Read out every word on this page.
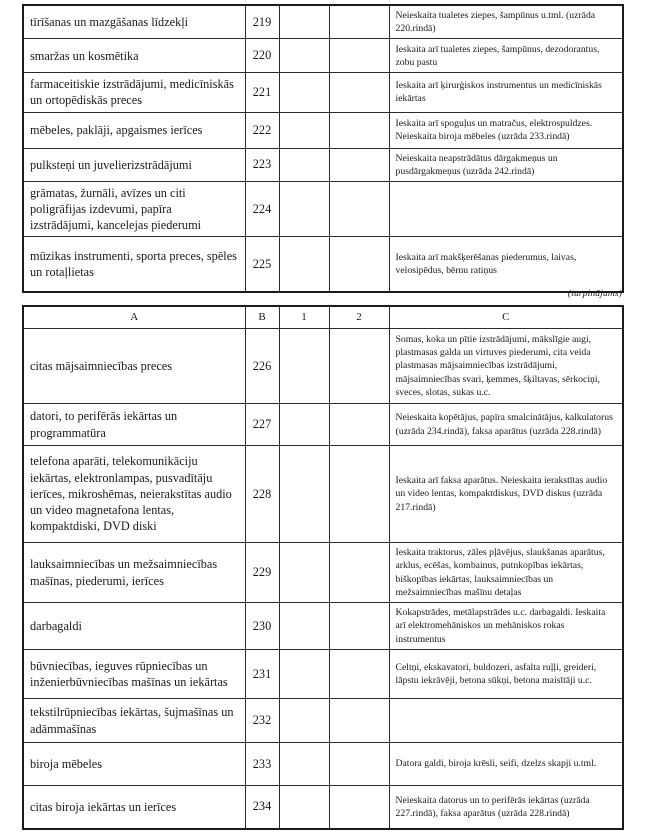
tīrīšanas un mazgāšanas līdzekļi	219			Neieskaita tualetes ziepes, šampūnus u.tml. (uzrāda 220.rindā)
smaržas un kosmētika	220			Ieskaita arī tualetes ziepes, šampūnus, dezodorantus, zobu pastu
farmaceitiskie izstrādājumi, medicīniskās un ortopēdiskās preces	221			Ieskaita arī ķirurģiskos instrumentus un medicīniskās iekārtas
mēbeles, paklāji, apgaismes ierīces	222			Ieskaita arī spoguļus un matračus, elektrospuldzes. Neieskaita biroja mēbeles (uzrāda 233.rindā)
pulksteņi un juvelierizstrādājumi	223			Neieskaita neapstrādātus dārgakmeņus un pusdārgakmeņus (uzrāda 242.rindā)
grāmatas, žurnāli, avīzes un citi poligrāfijas izdevumi, papīra izstrādājumi, kancelejas piederumi	224			
mūzikas instrumenti, sporta preces, spēles un rotaļlietas	225			Ieskaita arī makšķerēšanas piederumus, laivas, velosipēdus, bērnu ratiņus
(turpinājums)
A	B	1	2	C
citas mājsaimniecības preces	226			Somas, koka un pītie izstrādājumi, mākslīgie augi, plastmasas galda un virtuves piederumi, cita veida plastmasas mājsaimniecības izstrādājumi, mājsaimniecības svari, ķemmes, šķiltavas, sērkociņi, sveces, slotas, sukas u.c.
datori, to perifērās iekārtas un programmatūra	227			Neieskaita kopētājus, papīra smalcinātājus, kalkulatorus (uzrāda 234.rindā), faksa aparātus (uzrāda 228.rindā)
telefona aparāti, telekomunikāciju iekārtas, elektronlampas, pusvadītāju ierīces, mikroshēmas, neierakstītas audio un video magnetafona lentas, kompaktdiski, DVD diski	228			Ieskaita arī faksa aparātus. Neieskaita ierakstītas audio un video lentas, kompaktdiskus, DVD diskus (uzrāda 217.rindā)
lauksaimniecības un mežsaimniecības mašīnas, piederumi, ierīces	229			Ieskaita traktorus, zāles pļāvējus, slaukšanas aparātus, arklus, ecēšas, kombainus, putnkopības iekārtas, biškopības iekārtas, lauksaimniecības un mežsaimniecības mašīnu detaļas
darbagaldi	230			Kokapstrādes, metālapstrādes u.c. darbagaldi. Ieskaita arī elektromehāniskos un mehāniskos rokas instrumentus
būvniecības, ieguves rūpniecības un inženierbūvniecības mašīnas un iekārtas	231			Celtņi, ekskavatori, buldozeri, asfalta ruļļi, greideri, lāpstu iekrāvēji, betona sūkņi, betona maisītāji u.c.
tekstilrūpniecības iekārtas, šujmašīnas un adāmmašīnas	232			
biroja mēbeles	233			Datora galdi, biroja krēsli, seifi, dzelzs skapji u.tml.
citas biroja iekārtas un ierīces	234			Neieskaita datorus un to perifērās iekārtas (uzrāda 227.rindā), faksa aparātus (uzrāda 228.rindā)
